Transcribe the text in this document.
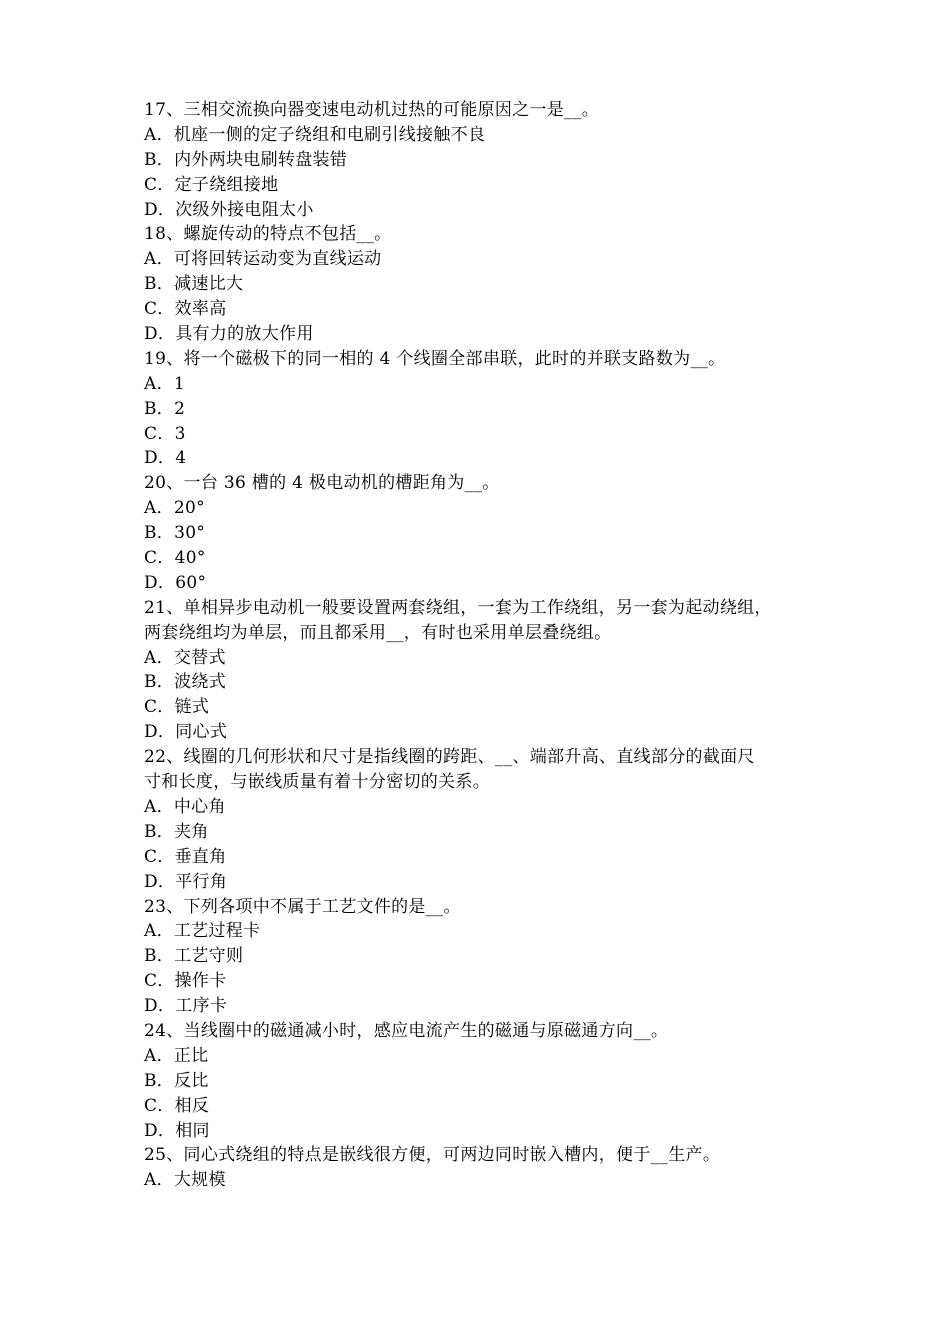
17、三相交流换向器变速电动机过热的可能原因之一是__。
A．机座一侧的定子绕组和电刷引线接触不良
B．内外两块电刷转盘装错
C．定子绕组接地
D．次级外接电阻太小
18、螺旋传动的特点不包括__。
A．可将回转运动变为直线运动
B．减速比大
C．效率高
D．具有力的放大作用
19、将一个磁极下的同一相的 4 个线圈全部串联，此时的并联支路数为__。
A．1
B．2
C．3
D．4
20、一台 36 槽的 4 极电动机的槽距角为__。
A．20°
B．30°
C．40°
D．60°
21、单相异步电动机一般要设置两套绕组，一套为工作绕组，另一套为起动绕组，
两套绕组均为单层，而且都采用__，有时也采用单层叠绕组。
A．交替式
B．波绕式
C．链式
D．同心式
22、线圈的几何形状和尺寸是指线圈的跨距、__、端部升高、直线部分的截面尺
寸和长度，与嵌线质量有着十分密切的关系。
A．中心角
B．夹角
C．垂直角
D．平行角
23、下列各项中不属于工艺文件的是__。
A．工艺过程卡
B．工艺守则
C．操作卡
D．工序卡
24、当线圈中的磁通减小时，感应电流产生的磁通与原磁通方向__。
A．正比
B．反比
C．相反
D．相同
25、同心式绕组的特点是嵌线很方便，可两边同时嵌入槽内，便于__生产。
A．大规模
